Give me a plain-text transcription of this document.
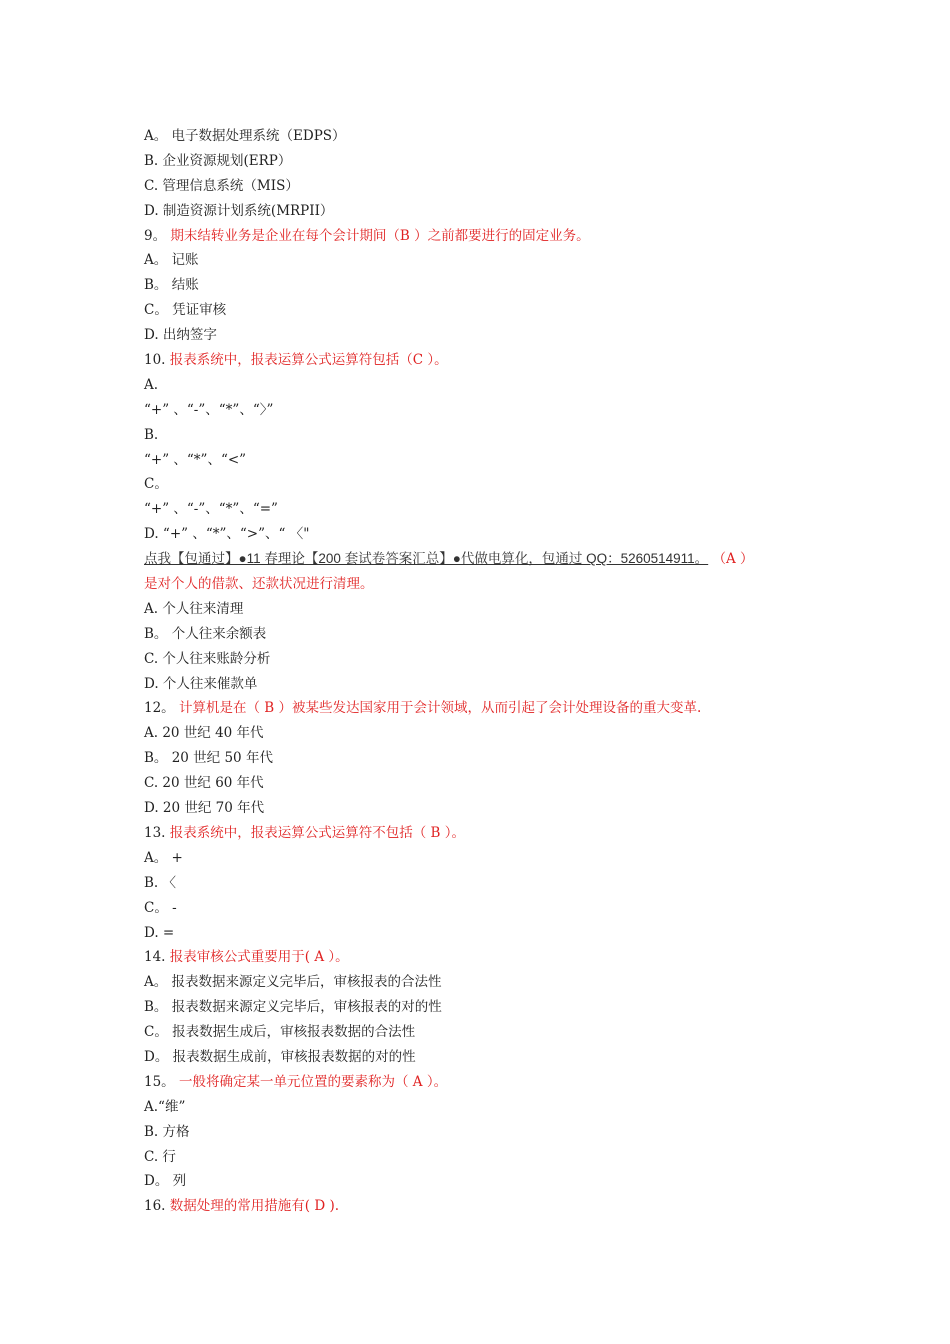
A。 电子数据处理系统（EDPS）
B. 企业资源规划(ERP）
C. 管理信息系统（MIS）
D. 制造资源计划系统(MRPII）
9。 期末结转业务是企业在每个会计期间（B ）之前都要进行的固定业务。
A。 记账
B。 结账
C。 凭证审核
D. 出纳签字
10. 报表系统中，报表运算公式运算符包括（C ）。
A.
“+” 、“-”、“*”、“〉”
B.
“+” 、“*”、“<”
C。
“+” 、“-”、“*”、“=”
D. “+” 、“*”、“>”、“ 〈"
点我【包通过】●11 春理论【200 套试卷答案汇总】●代做电算化，包通过 QQ：5260514911。 （A ）
是对个人的借款、还款状况进行清理。
A. 个人往来清理
B。 个人往来余额表
C. 个人往来账龄分析
D. 个人往来催款单
12。 计算机是在（ B ）被某些发达国家用于会计领域，从而引起了会计处理设备的重大变革.
A. 20 世纪 40 年代
B。 20 世纪 50 年代
C. 20 世纪 60 年代
D. 20 世纪 70 年代
13. 报表系统中，报表运算公式运算符不包括（ B ）。
A。 +
B. 〈
C。 -
D. =
14. 报表审核公式重要用于( A ）。
A。 报表数据来源定义完毕后，审核报表的合法性
B。 报表数据来源定义完毕后，审核报表的对的性
C。 报表数据生成后，审核报表数据的合法性
D。 报表数据生成前，审核报表数据的对的性
15。 一般将确定某一单元位置的要素称为（ A ）。
A.“维”
B. 方格
C. 行
D。 列
16. 数据处理的常用措施有( D ).
